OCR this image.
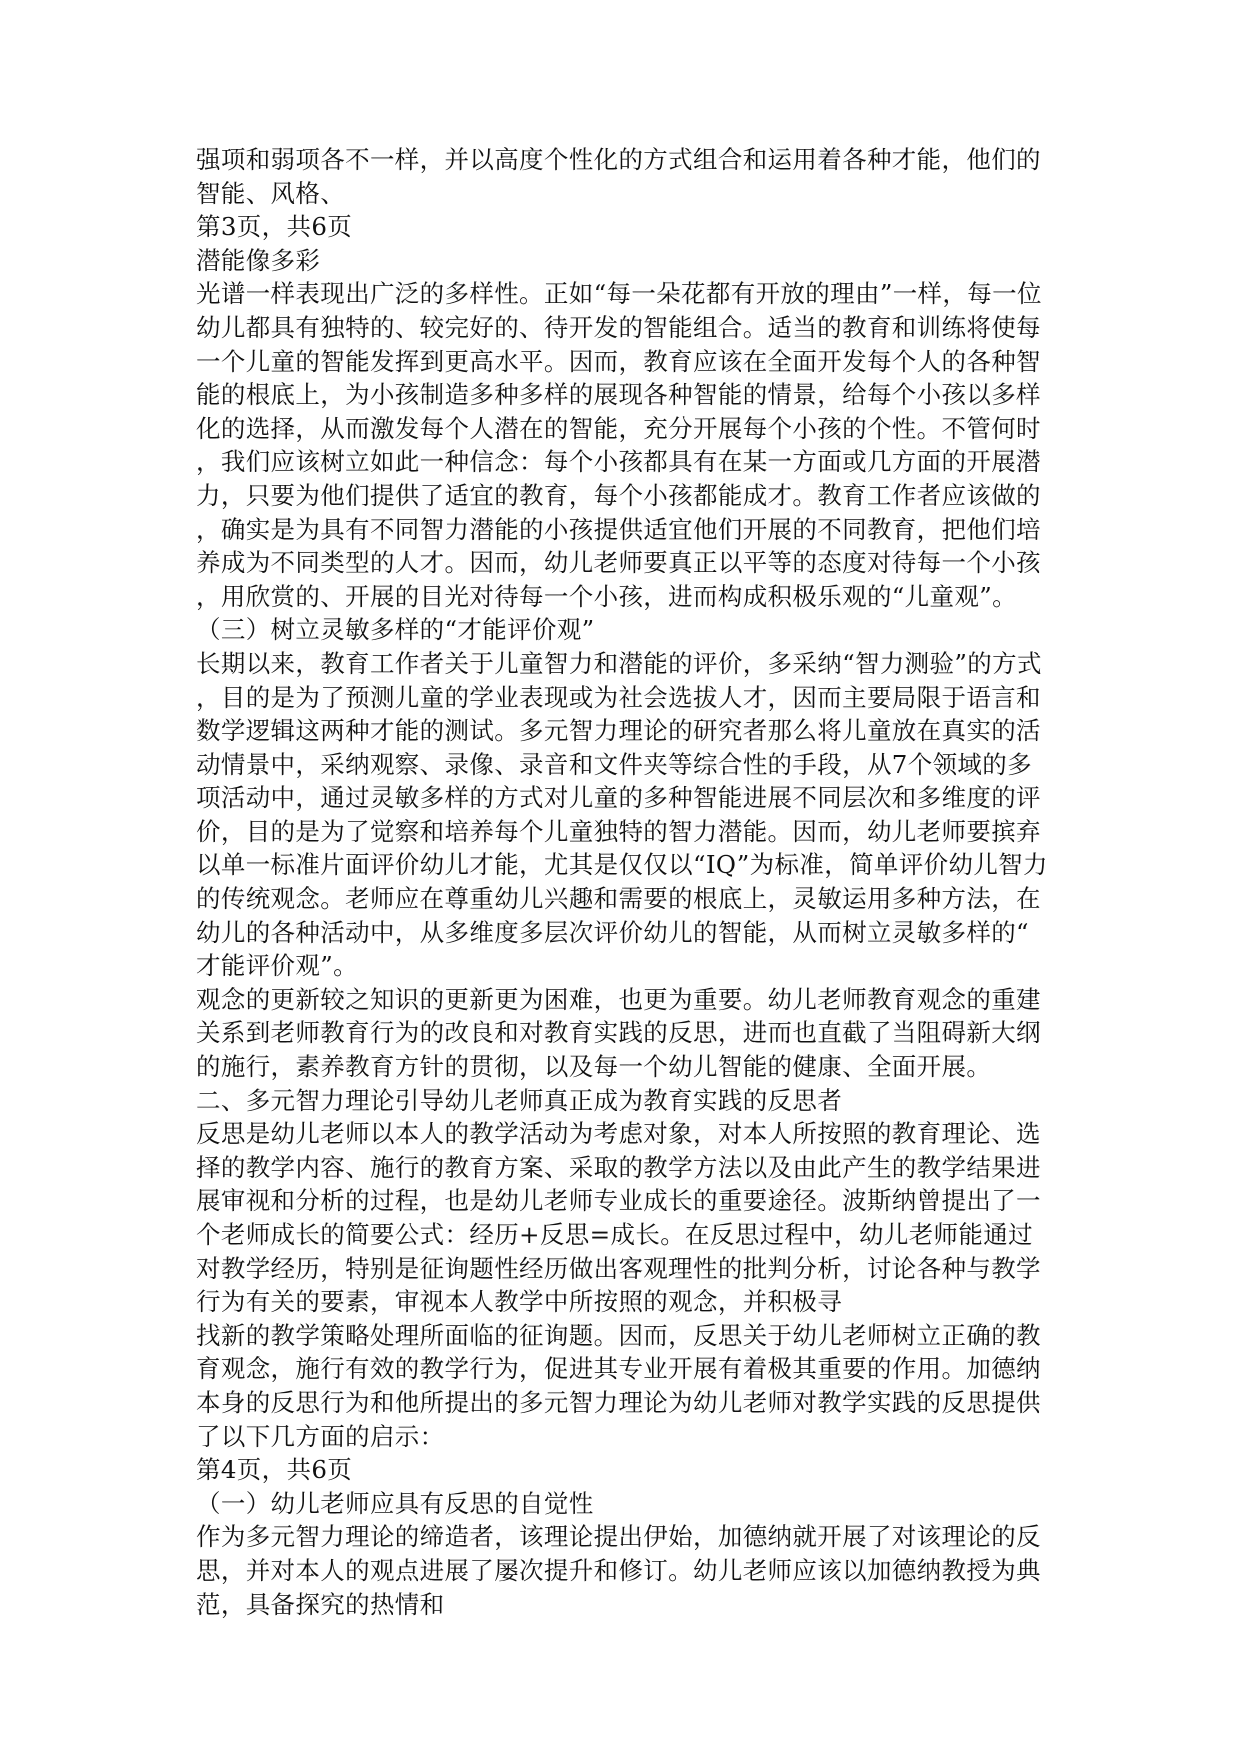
强项和弱项各不一样，并以高度个性化的方式组合和运用着各种才能，他们的
智能、风格、
第3页，共6页
潜能像多彩
光谱一样表现出广泛的多样性。正如“每一朵花都有开放的理由”一样，每一位
幼儿都具有独特的、较完好的、待开发的智能组合。适当的教育和训练将使每
一个儿童的智能发挥到更高水平。因而，教育应该在全面开发每个人的各种智
能的根底上，为小孩制造多种多样的展现各种智能的情景，给每个小孩以多样
化的选择，从而激发每个人潜在的智能，充分开展每个小孩的个性。不管何时
，我们应该树立如此一种信念：每个小孩都具有在某一方面或几方面的开展潜
力，只要为他们提供了适宜的教育，每个小孩都能成才。教育工作者应该做的
，确实是为具有不同智力潜能的小孩提供适宜他们开展的不同教育，把他们培
养成为不同类型的人才。因而，幼儿老师要真正以平等的态度对待每一个小孩
，用欣赏的、开展的目光对待每一个小孩，进而构成积极乐观的“儿童观”。
（三）树立灵敏多样的“才能评价观”
长期以来，教育工作者关于儿童智力和潜能的评价，多采纳“智力测验”的方式
，目的是为了预测儿童的学业表现或为社会选拔人才，因而主要局限于语言和
数学逻辑这两种才能的测试。多元智力理论的研究者那么将儿童放在真实的活
动情景中，采纳观察、录像、录音和文件夹等综合性的手段，从7个领域的多
项活动中，通过灵敏多样的方式对儿童的多种智能进展不同层次和多维度的评
价，目的是为了觉察和培养每个儿童独特的智力潜能。因而，幼儿老师要摈弃
以单一标准片面评价幼儿才能，尤其是仅仅以“IQ”为标准，简单评价幼儿智力
的传统观念。老师应在尊重幼儿兴趣和需要的根底上，灵敏运用多种方法，在
幼儿的各种活动中，从多维度多层次评价幼儿的智能，从而树立灵敏多样的“
才能评价观”。
观念的更新较之知识的更新更为困难，也更为重要。幼儿老师教育观念的重建
关系到老师教育行为的改良和对教育实践的反思，进而也直截了当阻碍新大纲
的施行，素养教育方针的贯彻，以及每一个幼儿智能的健康、全面开展。
二、多元智力理论引导幼儿老师真正成为教育实践的反思者
反思是幼儿老师以本人的教学活动为考虑对象，对本人所按照的教育理论、选
择的教学内容、施行的教育方案、采取的教学方法以及由此产生的教学结果进
展审视和分析的过程，也是幼儿老师专业成长的重要途径。波斯纳曾提出了一
个老师成长的简要公式：经历+反思=成长。在反思过程中，幼儿老师能通过
对教学经历，特别是征询题性经历做出客观理性的批判分析，讨论各种与教学
行为有关的要素，审视本人教学中所按照的观念，并积极寻
找新的教学策略处理所面临的征询题。因而，反思关于幼儿老师树立正确的教
育观念，施行有效的教学行为，促进其专业开展有着极其重要的作用。加德纳
本身的反思行为和他所提出的多元智力理论为幼儿老师对教学实践的反思提供
了以下几方面的启示：
第4页，共6页
（一）幼儿老师应具有反思的自觉性
作为多元智力理论的缔造者，该理论提出伊始，加德纳就开展了对该理论的反
思，并对本人的观点进展了屡次提升和修订。幼儿老师应该以加德纳教授为典
范，具备探究的热情和
